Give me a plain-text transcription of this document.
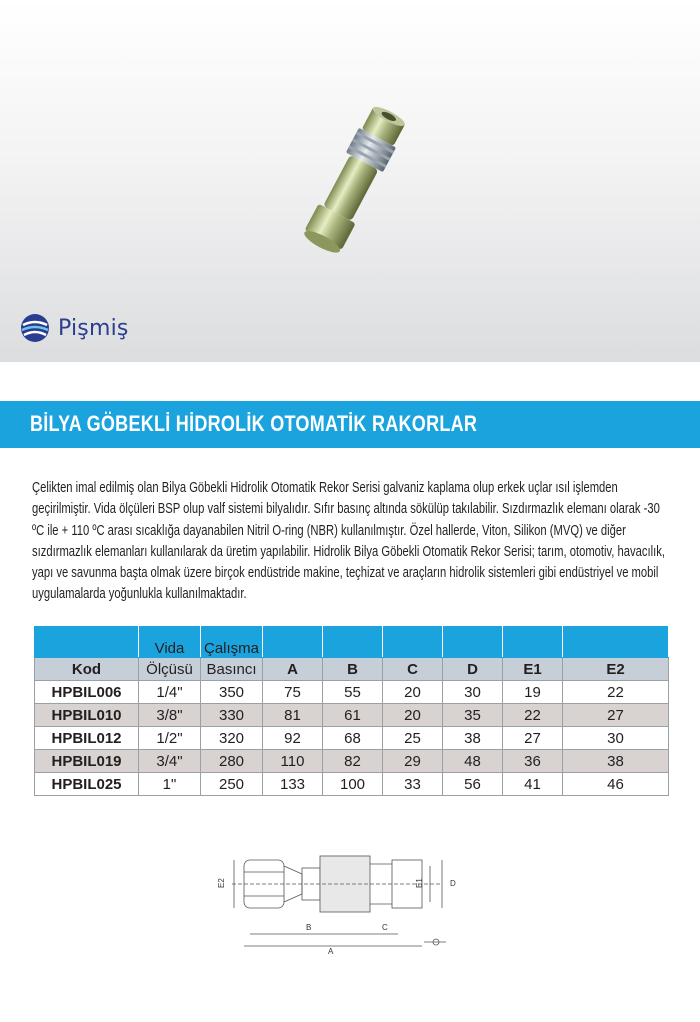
Pişmiş
BİLYA GÖBEKLİ HİDROLİK OTOMATİK RAKORLAR
Çelikten imal edilmiş olan Bilya Göbekli Hidrolik Otomatik Rekor Serisi galvaniz kaplama olup erkek uçlar ısıl işlemden geçirilmiştir. Vida ölçüleri BSP olup valf sistemi bilyalıdır. Sıfır basınç altında sökülüp takılabilir. Sızdırmazlık elemanı olarak -30 ºC ile + 110 ºC arası sıcaklığa dayanabilen Nitril O-ring (NBR) kullanılmıştır. Özel hallerde, Viton, Silikon (MVQ) ve diğer sızdırmazlık elemanları kullanılarak da üretim yapılabilir. Hidrolik Bilya Göbekli Otomatik Rekor Serisi; tarım, otomotiv, havacılık, yapı ve savunma başta olmak üzere birçok endüstride makine, teçhizat ve araçların hidrolik sistemleri gibi endüstriyel ve mobil uygulamalarda yoğunlukla kullanılmaktadır.
	Vida	Çalışma						
Kod	Ölçüsü	Basıncı	A	B	C	D	E1	E2
HPBIL006	1/4"	350	75	55	20	30	19	22
HPBIL010	3/8"	330	81	61	20	35	22	27
HPBIL012	1/2"	320	92	68	25	38	27	30
HPBIL019	3/4"	280	110	82	29	48	36	38
HPBIL025	1"	250	133	100	33	56	41	46
E2	E1	D
B	C
A
